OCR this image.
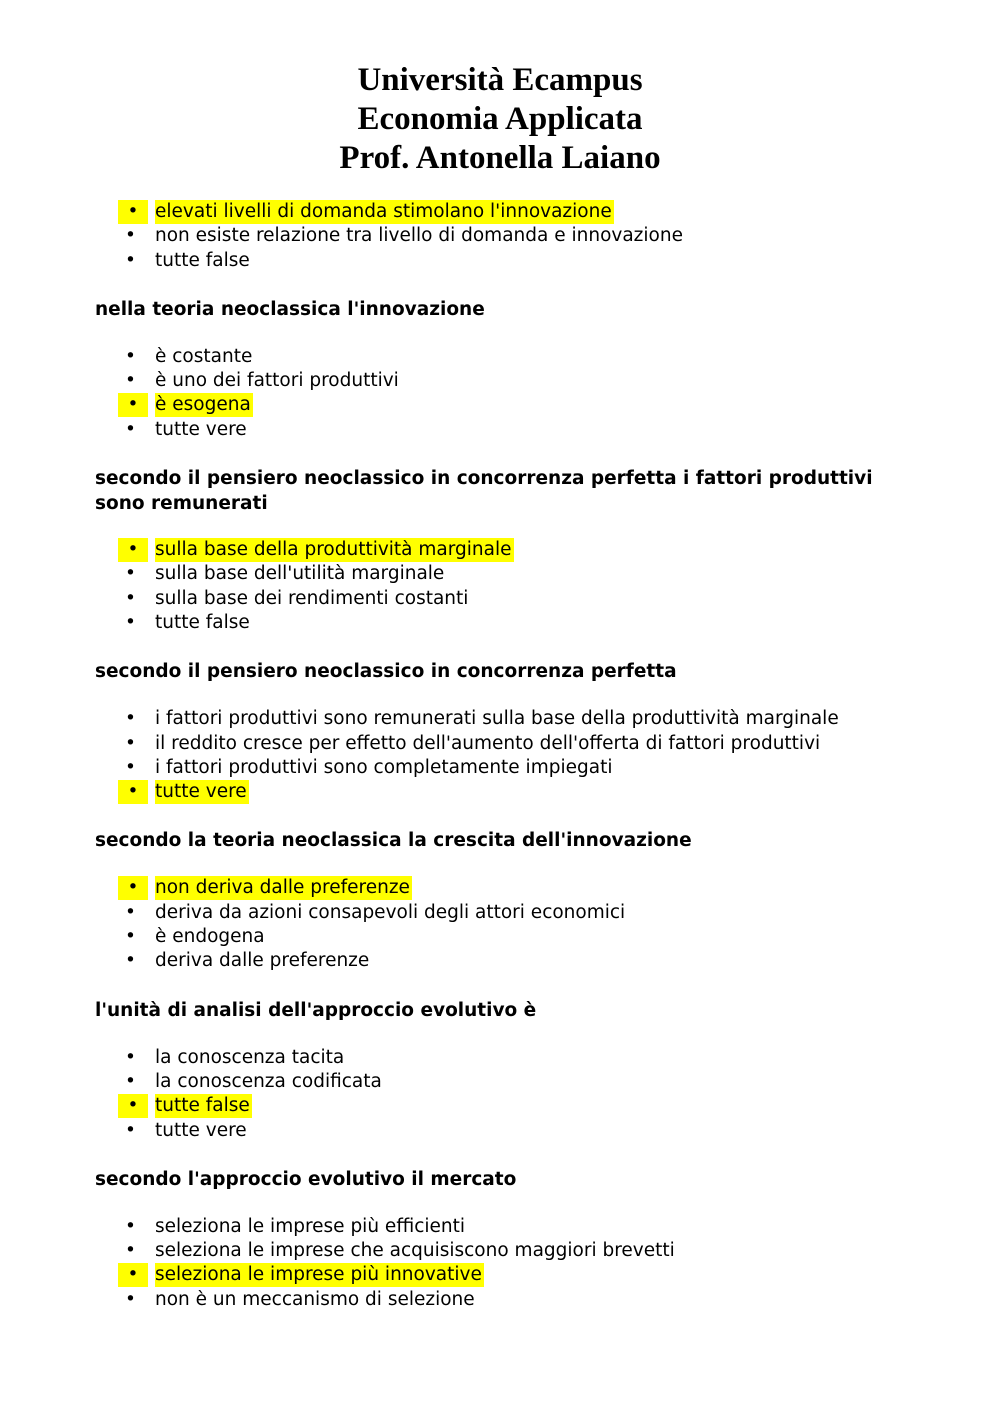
Università Ecampus
Economia Applicata
Prof. Antonella Laiano
• elevati livelli di domanda stimolano l'innovazione
• non esiste relazione tra livello di domanda e innovazione
• tutte false
nella teoria neoclassica l'innovazione
• è costante
• è uno dei fattori produttivi
• è esogena
• tutte vere
secondo il pensiero neoclassico in concorrenza perfetta i fattori produttivi sono remunerati
• sulla base della produttività marginale
• sulla base dell'utilità marginale
• sulla base dei rendimenti costanti
• tutte false
secondo il pensiero neoclassico in concorrenza perfetta
• i fattori produttivi sono remunerati sulla base della produttività marginale
• il reddito cresce per effetto dell'aumento dell'offerta di fattori produttivi
• i fattori produttivi sono completamente impiegati
• tutte vere
secondo la teoria neoclassica la crescita dell'innovazione
• non deriva dalle preferenze
• deriva da azioni consapevoli degli attori economici
• è endogena
• deriva dalle preferenze
l'unità di analisi dell'approccio evolutivo è
• la conoscenza tacita
• la conoscenza codificata
• tutte false
• tutte vere
secondo l'approccio evolutivo il mercato
• seleziona le imprese più efficienti
• seleziona le imprese che acquisiscono maggiori brevetti
• seleziona le imprese più innovative
• non è un meccanismo di selezione
